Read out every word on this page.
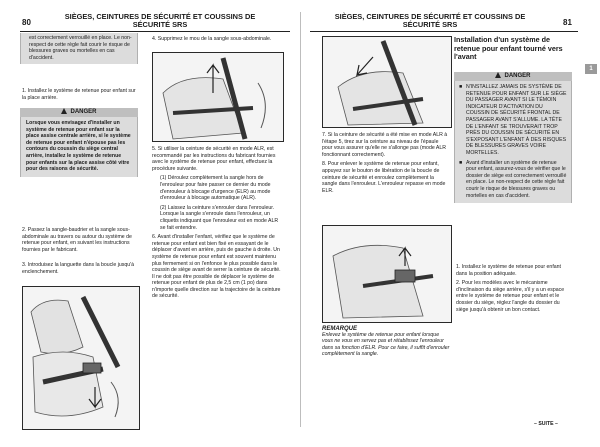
80
SIÈGES, CEINTURES DE SÉCURITÉ ET COUSSINS DE
SÉCURITÉ SRS
SIÈGES, CEINTURES DE SÉCURITÉ ET COUSSINS DE
SÉCURITÉ SRS	81
est correctement verrouillé en place. Le non-respect de cette règle fait courir le risque de blessures graves ou mortelles en cas d'accident.
1. Installez le système de retenue pour enfant sur la place arrière.
DANGER
Lorsque vous envisagez d'installer un système de retenue pour enfant sur la place assise centrale arrière, si le système de retenue pour enfant n'épouse pas les contours du coussin du siège central arrière, installez le système de retenue pour enfants sur la place assise côté vitre pour des raisons de sécurité.
2. Passez la sangle-baudrier et la sangle sous-abdominale au travers ou autour du système de retenue pour enfant, en suivant les instructions fournies par le fabricant.
3. Introduisez la languette dans la boucle jusqu'à enclenchement.
4. Supprimez le mou de la sangle sous-abdominale.

5. Si utiliser la ceinture de sécurité en mode ALR, est recommandé par les instructions du fabricant fournies avec le système de retenue pour enfant, effectuez la procédure suivante.

(1) Déroulez complètement la sangle hors de l'enrouleur pour faire passer ce dernier du mode d'enrouleur à blocage d'urgence (ELR) au mode d'enrouleur à blocage automatique (ALR).

(2) Laissez la ceinture s'enrouler dans l'enrouleur. Lorsque la sangle s'enroule dans l'enrouleur, un cliquetis indiquant que l'enrouleur est en mode ALR se fait entendre.

6. Avant d'installer l'enfant, vérifiez que le système de retenue pour enfant est bien fixé en essayant de le déplacer d'avant en arrière, puis de gauche à droite. Un système de retenue pour enfant est souvent maintenu plus fermement si on l'enfonce le plus possible dans le coussin de siège avant de serrer la ceinture de sécurité. Il ne doit pas être possible de déplacer le système de retenue pour enfant de plus de 2,5 cm (1 po) dans n'importe quelle direction sur la trajectoire de la ceinture de sécurité.

7. Si la ceinture de sécurité a été mise en mode ALR à l'étape 5, tirez sur la ceinture au niveau de l'épaule pour vous assurer qu'elle ne s'allonge pas (mode ALR fonctionnant correctement).

8. Pour enlever le système de retenue pour enfant, appuyez sur le bouton de libération de la boucle de ceinture de sécurité et enroulez complètement la sangle dans l'enrouleur. L'enrouleur repasse en mode ELR.

REMARQUE
Enlevez le système de retenue pour enfant lorsque vous ne vous en servez pas et rétablissez l'enrouleur dans sa fonction d'ELR. Pour ce faire, il suffit d'enrouler complètement la sangle.
Installation d'un système de retenue pour enfant tourné vers l'avant
1
DANGER

■ N'INSTALLEZ JAMAIS DE SYSTÈME DE RETENUE POUR ENFANT SUR LE SIÈGE DU PASSAGER AVANT SI LE TÉMOIN INDICATEUR D'ACTIVATION DU COUSSIN DE SÉCURITÉ FRONTAL DE PASSAGER AVANT S'ALLUME. LA TÊTE DE L'ENFANT SE TROUVERAIT TROP PRÈS DU COUSSIN DE SÉCURITÉ EN S'EXPOSANT L'ENFANT À DES RISQUES DE BLESSURES GRAVES VOIRE MORTELLES.

■ Avant d'installer un système de retenue pour enfant, assurez-vous de vérifier que le dossier de siège est correctement verrouillé en place. Le non-respect de cette règle fait courir le risque de blessures graves ou mortelles en cas d'accident.

1. Installez le système de retenue pour enfant dans la position adéquate.

2. Pour les modèles avec le mécanisme d'inclinaison du siège arrière, s'il y a un espace entre le système de retenue pour enfant et le dossier du siège, réglez l'angle du dossier du siège jusqu'à obtenir un bon contact.

– SUITE –
